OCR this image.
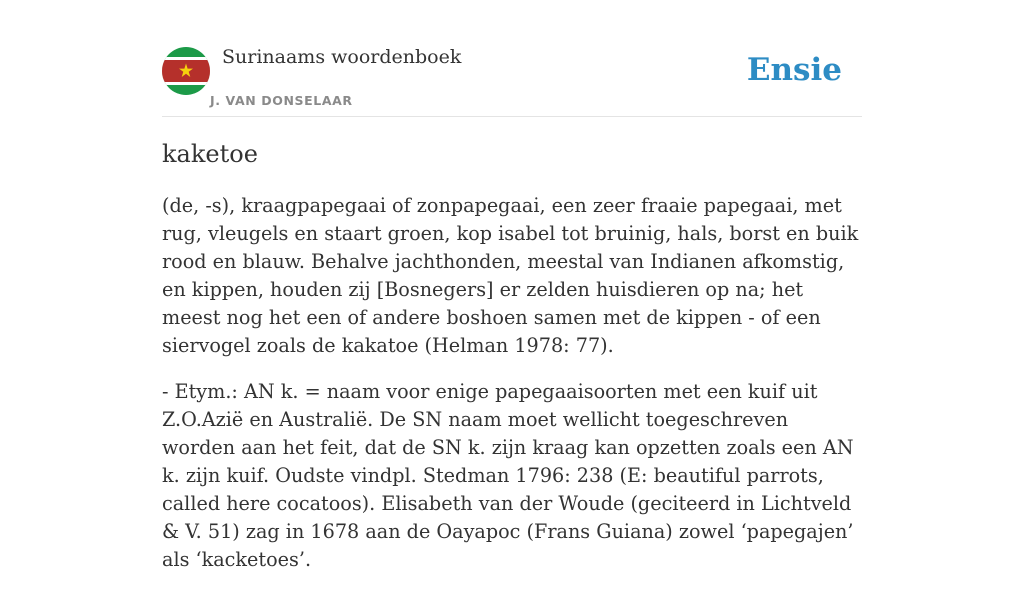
Surinaams woordenboek
J. VAN DONSELAAR
Ensie
kaketoe

(de, -s), kraagpapegaai of zonpapegaai, een zeer fraaie papegaai, met rug, vleugels en staart groen, kop isabel tot bruinig, hals, borst en buik rood en blauw. Behalve jachthonden, meestal van Indianen afkomstig, en kippen, houden zij [Bosnegers] er zelden huisdieren op na; het meest nog het een of andere boshoen samen met de kippen - of een siervogel zoals de kakatoe (Helman 1978: 77).

- Etym.: AN k. = naam voor enige papegaaisoorten met een kuif uit Z.O.Azië en Australië. De SN naam moet wellicht toegeschreven worden aan het feit, dat de SN k. zijn kraag kan opzetten zoals een AN k. zijn kuif. Oudste vindpl. Stedman 1796: 238 (E: beautiful parrots, called here cocatoos). Elisabeth van der Woude (geciteerd in Lichtveld & V. 51) zag in 1678 aan de Oayapoc (Frans Guiana) zowel ‘papegajen’ als ‘kacketoes’.
